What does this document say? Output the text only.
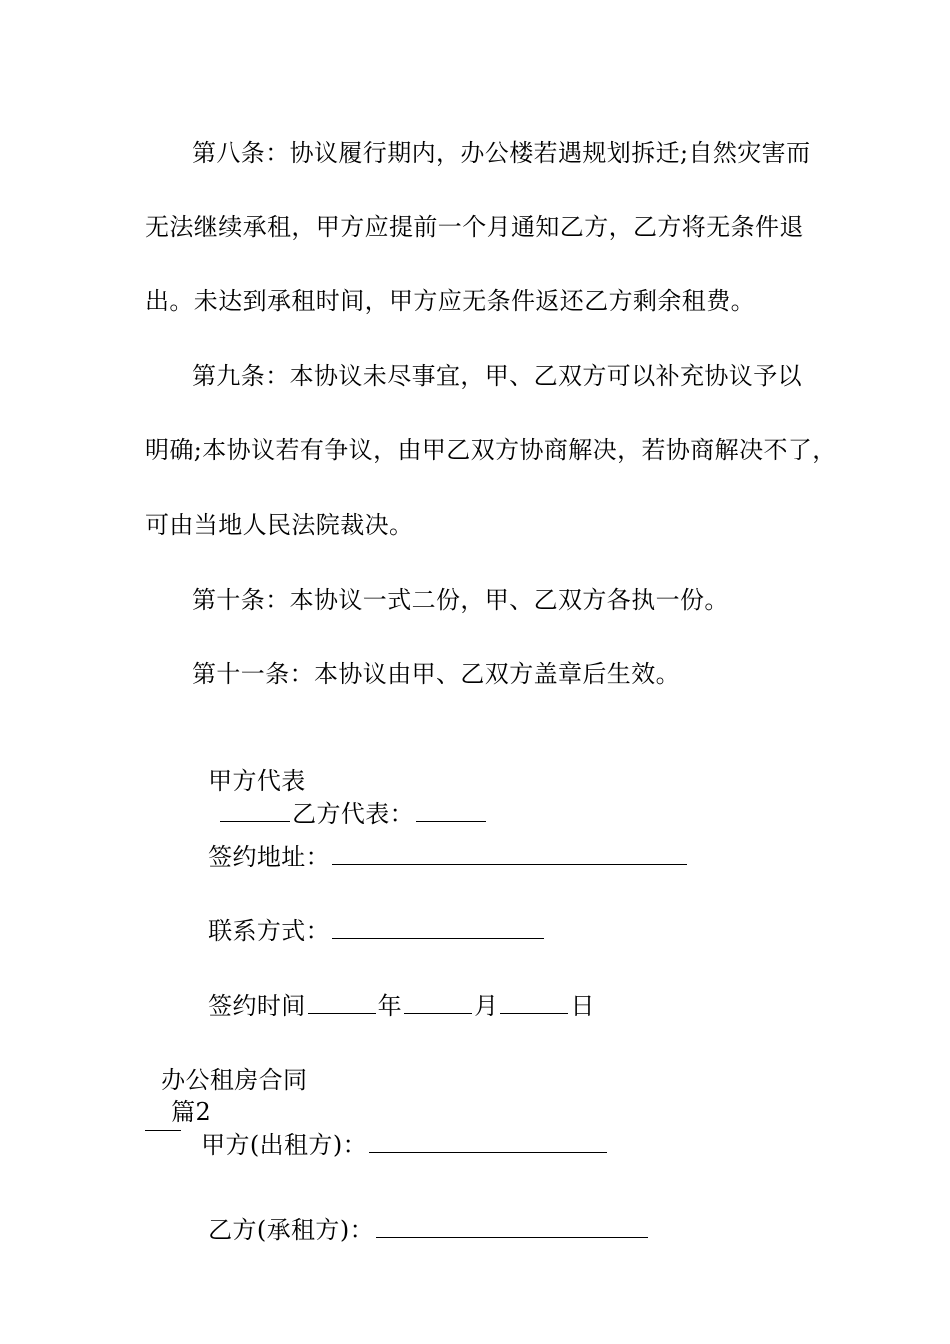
第八条：协议履行期内，办公楼若遇规划拆迁;自然灾害而
无法继续承租，甲方应提前一个月通知乙方，乙方将无条件退
出。未达到承租时间，甲方应无条件返还乙方剩余租费。
第九条：本协议未尽事宜，甲、乙双方可以补充协议予以
明确;本协议若有争议，由甲乙双方协商解决，若协商解决不了，
可由当地人民法院裁决。
第十条：本协议一式二份，甲、乙双方各执一份。
第十一条：本协议由甲、乙双方盖章后生效。

甲方代表
乙方代表：

签约地址：

联系方式：

签约时间	年	月	日

办公租房合同
篇2
甲方(出租方)：

乙方(承租方)：
